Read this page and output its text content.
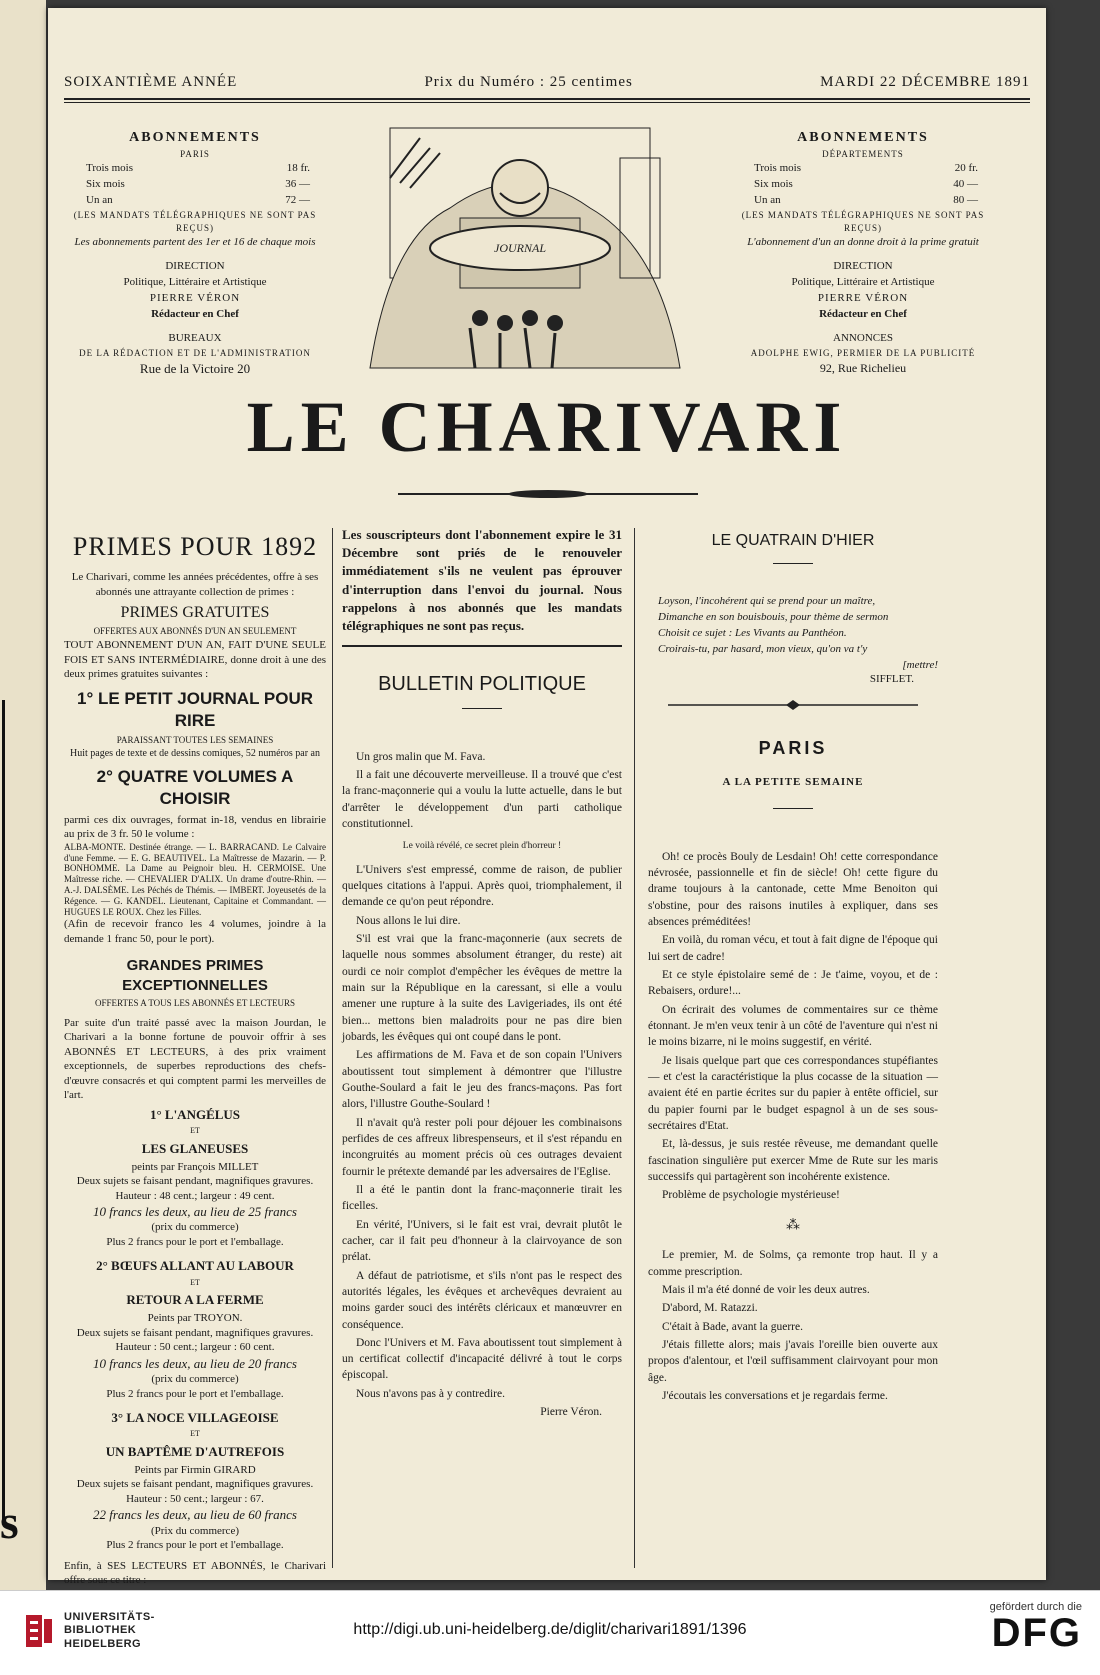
s
SOIXANTIÈME ANNÉE	Prix du Numéro : 25 centimes	MARDI 22 DÉCEMBRE 1891
ABONNEMENTS
PARIS
Trois mois	18 fr.
Six mois	36 —
Un an	72 —
(LES MANDATS TÉLÉGRAPHIQUES NE SONT PAS REÇUS)
Les abonnements partent des 1er et 16 de chaque mois
DIRECTION
Politique, Littéraire et Artistique
PIERRE VÉRON
Rédacteur en Chef
BUREAUX
DE LA RÉDACTION ET DE L'ADMINISTRATION
Rue de la Victoire 20
JOURNAL
ABONNEMENTS
DÉPARTEMENTS
Trois mois	20 fr.
Six mois	40 —
Un an	80 —
(LES MANDATS TÉLÉGRAPHIQUES NE SONT PAS REÇUS)
L'abonnement d'un an donne droit à la prime gratuit
DIRECTION
Politique, Littéraire et Artistique
PIERRE VÉRON
Rédacteur en Chef
ANNONCES
ADOLPHE EWIG, PERMIER DE LA PUBLICITÉ
92, Rue Richelieu
LE CHARIVARI
PRIMES POUR 1892
Le Charivari, comme les années précédentes, offre à ses abonnés une attrayante collection de primes :
PRIMES GRATUITES
OFFERTES AUX ABONNÉS D'UN AN SEULEMENT
TOUT ABONNEMENT D'UN AN, FAIT D'UNE SEULE FOIS ET SANS INTERMÉDIAIRE, donne droit à une des deux primes gratuites suivantes :
1° LE PETIT JOURNAL POUR RIRE
PARAISSANT TOUTES LES SEMAINES
Huit pages de texte et de dessins comiques, 52 numéros par an
2° QUATRE VOLUMES A CHOISIR
parmi ces dix ouvrages, format in-18, vendus en librairie au prix de 3 fr. 50 le volume :
ALBA-MONTE. Destinée étrange. — L. BARRACAND. Le Calvaire d'une Femme. — E. G. BEAUTIVEL. La Maîtresse de Mazarin. — P. BONHOMME. La Dame au Peignoir bleu. H. CERMOISE. Une Maîtresse riche. — CHEVALIER D'ALIX. Un drame d'outre-Rhin. — A.-J. DALSÈME. Les Péchés de Thémis. — IMBERT. Joyeusetés de la Régence. — G. KANDEL. Lieutenant, Capitaine et Commandant. — HUGUES LE ROUX. Chez les Filles.
(Afin de recevoir franco les 4 volumes, joindre à la demande 1 franc 50, pour le port).
GRANDES PRIMES EXCEPTIONNELLES
OFFERTES A TOUS LES ABONNÉS ET LECTEURS
Par suite d'un traité passé avec la maison Jourdan, le Charivari a la bonne fortune de pouvoir offrir à ses ABONNÉS ET LECTEURS, à des prix vraiment exceptionnels, de superbes reproductions des chefs-d'œuvre consacrés et qui comptent parmi les merveilles de l'art.
1° L'ANGÉLUS
ET
LES GLANEUSES
peints par François MILLET
Deux sujets se faisant pendant, magnifiques gravures. Hauteur : 48 cent.; largeur : 49 cent.
10 francs les deux, au lieu de 25 francs
(prix du commerce)
Plus 2 francs pour le port et l'emballage.
2° BŒUFS ALLANT AU LABOUR
ET
RETOUR A LA FERME
Peints par TROYON.
Deux sujets se faisant pendant, magnifiques gravures. Hauteur : 50 cent.; largeur : 60 cent.
10 francs les deux, au lieu de 20 francs
(prix du commerce)
Plus 2 francs pour le port et l'emballage.
3° LA NOCE VILLAGEOISE
ET
UN BAPTÊME D'AUTREFOIS
Peints par Firmin GIRARD
Deux sujets se faisant pendant, magnifiques gravures. Hauteur : 50 cent.; largeur : 67.
22 francs les deux, au lieu de 60 francs
(Prix du commerce)
Plus 2 francs pour le port et l'emballage.
Enfin, à SES LECTEURS ET ABONNÉS, le Charivari offre sous ce titre :
Les souscripteurs dont l'abonnement expire le 31 Décembre sont priés de le renouveler immédiatement s'ils ne veulent pas éprouver d'interruption dans l'envoi du journal. Nous rappelons à nos abonnés que les mandats télégraphiques ne sont pas reçus.
BULLETIN POLITIQUE

Un gros malin que M. Fava.

Il a fait une découverte merveilleuse. Il a trouvé que c'est la franc-maçonnerie qui a voulu la lutte actuelle, dans le but d'arrêter le développement d'un parti catholique constitutionnel.

Le voilà révélé, ce secret plein d'horreur !

L'Univers s'est empressé, comme de raison, de publier quelques citations à l'appui. Après quoi, triomphalement, il demande ce qu'on peut répondre.

Nous allons le lui dire.

S'il est vrai que la franc-maçonnerie (aux secrets de laquelle nous sommes absolument étranger, du reste) ait ourdi ce noir complot d'empêcher les évêques de mettre la main sur la République en la caressant, si elle a voulu amener une rupture à la suite des Lavigeriades, ils ont été bien... mettons bien maladroits pour ne pas dire bien jobards, les évêques qui ont coupé dans le pont.

Les affirmations de M. Fava et de son copain l'Univers aboutissent tout simplement à démontrer que l'illustre Gouthe-Soulard a fait le jeu des francs-maçons. Pas fort alors, l'illustre Gouthe-Soulard !

Il n'avait qu'à rester poli pour déjouer les combinaisons perfides de ces affreux librespenseurs, et il s'est répandu en incongruités au moment précis où ces outrages devaient fournir le prétexte demandé par les adversaires de l'Eglise.

Il a été le pantin dont la franc-maçonnerie tirait les ficelles.

En vérité, l'Univers, si le fait est vrai, devrait plutôt le cacher, car il fait peu d'honneur à la clairvoyance de son prélat.

A défaut de patriotisme, et s'ils n'ont pas le respect des autorités légales, les évêques et archevêques devraient au moins garder souci des intérêts cléricaux et manœuvrer en conséquence.

Donc l'Univers et M. Fava aboutissent tout simplement à un certificat collectif d'incapacité délivré à tout le corps épiscopal.

Nous n'avons pas à y contredire.

Pierre Véron.
LE QUATRAIN D'HIER
Loyson, l'incohérent qui se prend pour un maître,
Dimanche en son bouisbouis, pour thème de sermon
Choisit ce sujet : Les Vivants au Panthéon.
Croirais-tu, par hasard, mon vieux, qu'on va t'y
[mettre!
SIFFLET.
PARIS
A LA PETITE SEMAINE

Oh! ce procès Bouly de Lesdain! Oh! cette correspondance névrosée, passionnelle et fin de siècle! Oh! cette figure du drame toujours à la cantonade, cette Mme Benoiton qui s'obstine, pour des raisons inutiles à expliquer, dans ses absences préméditées!

En voilà, du roman vécu, et tout à fait digne de l'époque qui lui sert de cadre!

Et ce style épistolaire semé de : Je t'aime, voyou, et de : Rebaisers, ordure!...

On écrirait des volumes de commentaires sur ce thème étonnant. Je m'en veux tenir à un côté de l'aventure qui n'est ni le moins bizarre, ni le moins suggestif, en vérité.

Je lisais quelque part que ces correspondances stupéfiantes — et c'est la caractéristique la plus cocasse de la situation — avaient été en partie écrites sur du papier à entête officiel, sur du papier fourni par le budget espagnol à un de ses sous-secrétaires d'Etat.

Et, là-dessus, je suis restée rêveuse, me demandant quelle fascination singulière put exercer Mme de Rute sur les maris successifs qui partagèrent son incohérente existence.

Problème de psychologie mystérieuse!

⁂

Le premier, M. de Solms, ça remonte trop haut. Il y a comme prescription.

Mais il m'a été donné de voir les deux autres.

D'abord, M. Ratazzi.

C'était à Bade, avant la guerre.

J'étais fillette alors; mais j'avais l'oreille bien ouverte aux propos d'alentour, et l'œil suffisamment clairvoyant pour mon âge.

J'écoutais les conversations et je regardais ferme.

UNIVERSITÄTS-
BIBLIOTHEK
HEIDELBERG
http://digi.ub.uni-heidelberg.de/diglit/charivari1891/1396
gefördert durch die
DFG
